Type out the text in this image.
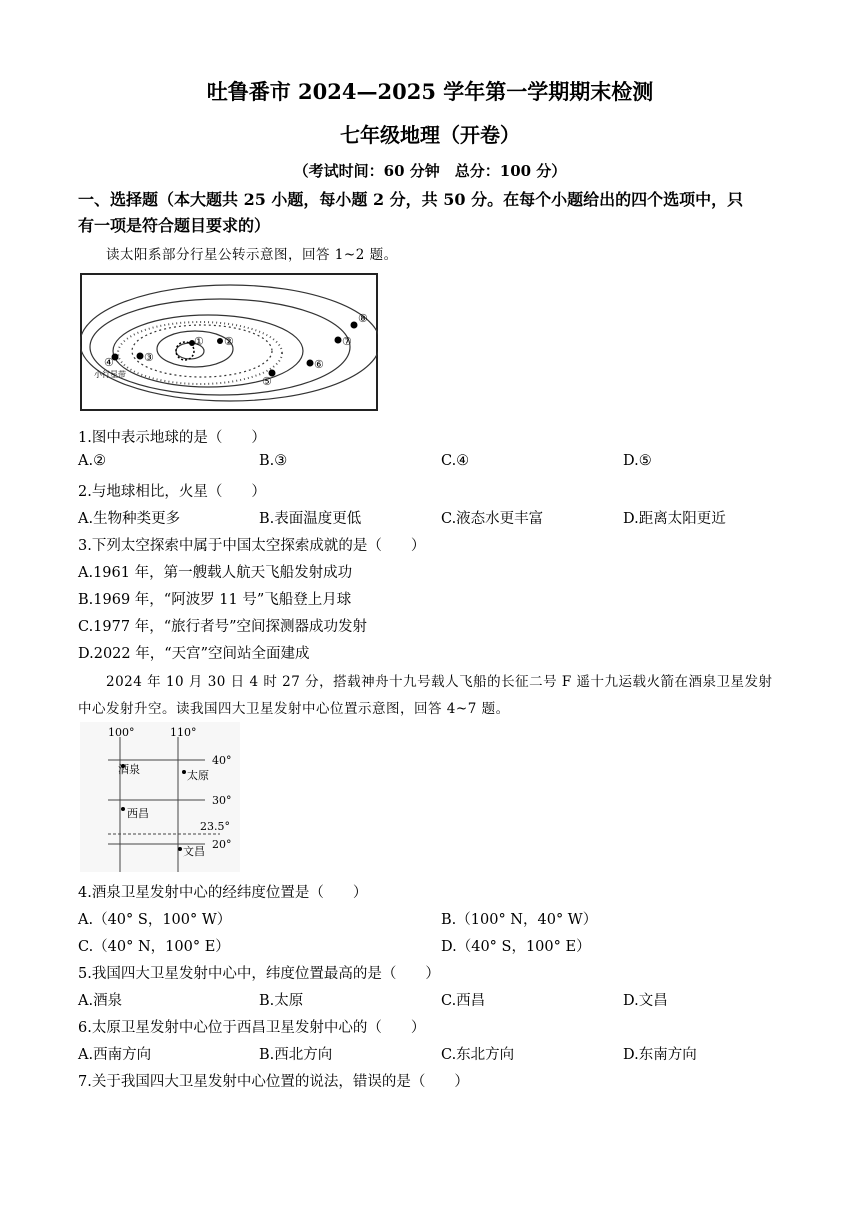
吐鲁番市 2024—2025 学年第一学期期末检测
七年级地理（开卷）
（考试时间：60 分钟　总分：100 分）
一、选择题（本大题共 25 小题，每小题 2 分，共 50 分。在每个小题给出的四个选项中，只
有一项是符合题目要求的）
读太阳系部分行星公转示意图，回答 1~2 题。
① ②
③
④
⑤
⑥
⑦
⑧
小行星带
1.图中表示地球的是（　　）
A.②	B.③	C.④	D.⑤
2.与地球相比，火星（　　）
A.生物种类更多	B.表面温度更低	C.液态水更丰富	D.距离太阳更近
3.下列太空探索中属于中国太空探索成就的是（　　）
A.1961 年，第一艘载人航天飞船发射成功
B.1969 年，“阿波罗 11 号”飞船登上月球
C.1977 年，“旅行者号”空间探测器成功发射
D.2022 年，“天宫”空间站全面建成
2024 年 10 月 30 日 4 时 27 分，搭载神舟十九号载人飞船的长征二号 F 遥十九运载火箭在酒泉卫星发射
中心发射升空。读我国四大卫星发射中心位置示意图，回答 4~7 题。
100°	110°
40°
30°
23.5°
20°
酒泉	太原
西昌
文昌
4.酒泉卫星发射中心的经纬度位置是（　　）
A.（40° S，100° W）	B.（100° N，40° W）
C.（40° N，100° E）	D.（40° S，100° E）
5.我国四大卫星发射中心中，纬度位置最高的是（　　）
A.酒泉	B.太原	C.西昌	D.文昌
6.太原卫星发射中心位于西昌卫星发射中心的（　　）
A.西南方向	B.西北方向	C.东北方向	D.东南方向
7.关于我国四大卫星发射中心位置的说法，错误的是（　　）
